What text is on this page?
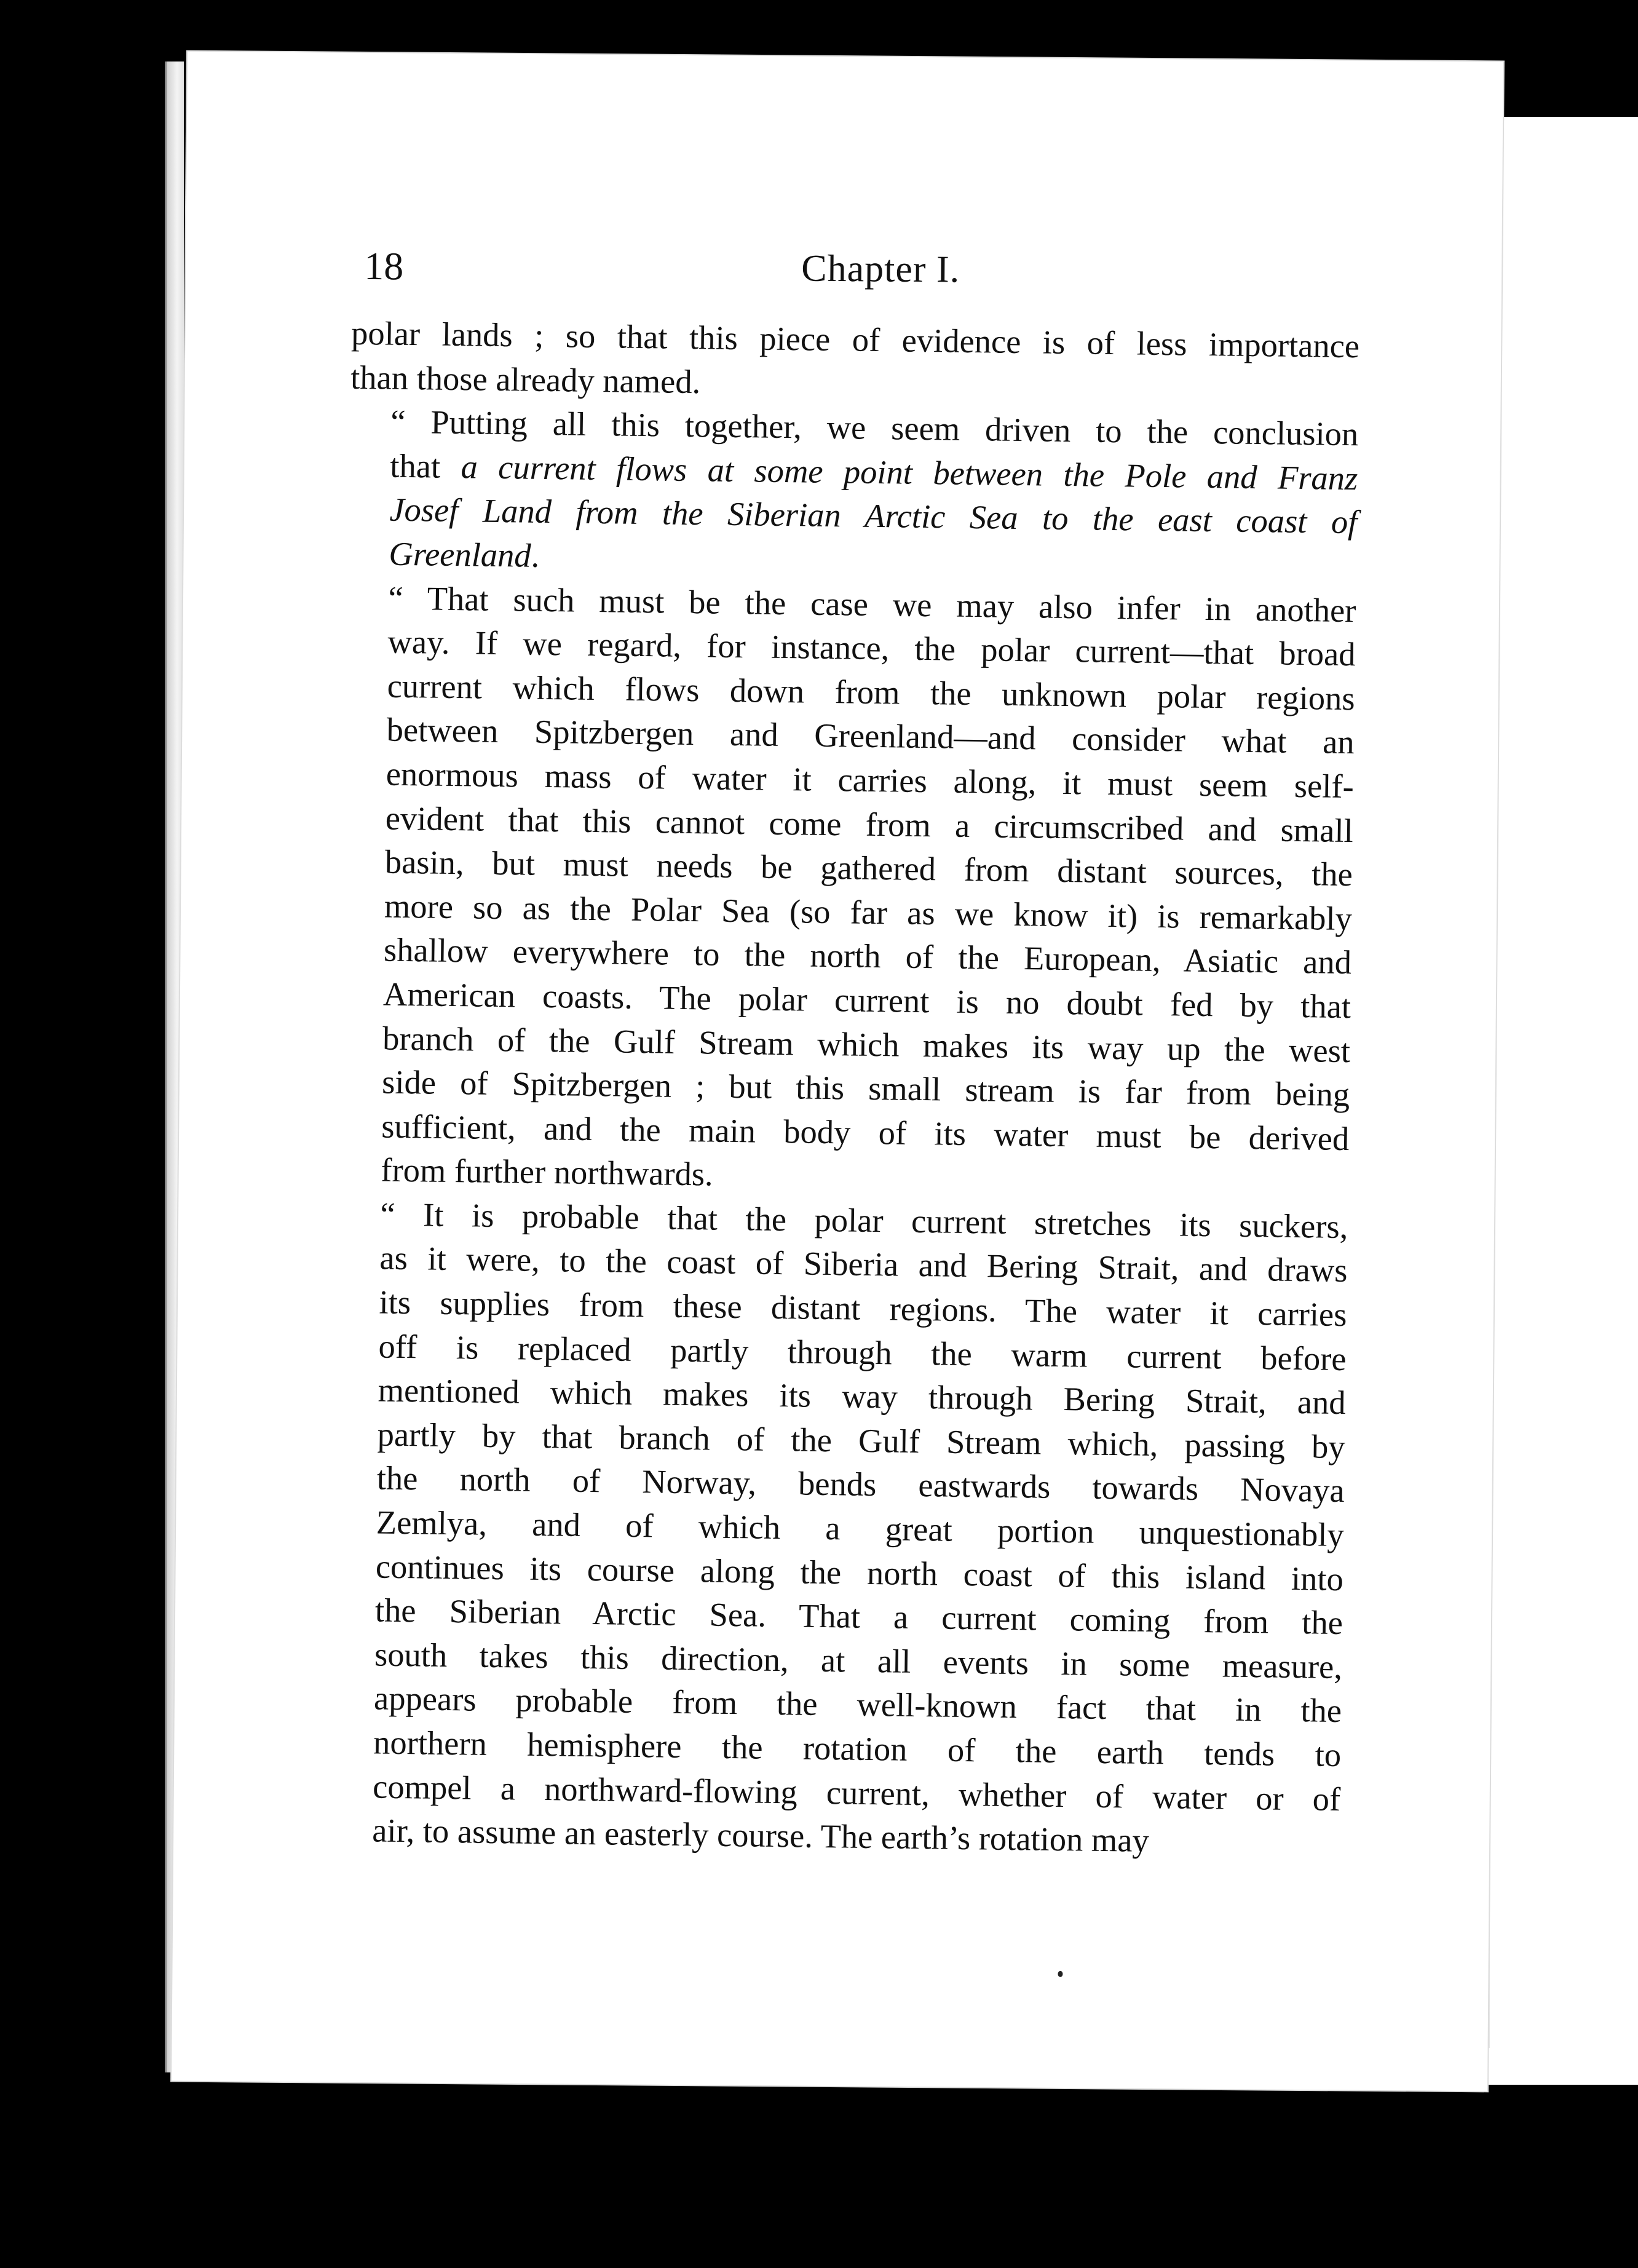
18	Chapter I.

polar lands ; so that this piece of evidence is of less importance
than those already named.

“ Putting all this together, we seem driven to the conclusion
that a current flows at some point between the Pole and Franz
Josef Land from the Siberian Arctic Sea to the east coast of
Greenland.

“ That such must be the case we may also infer in another
way. If we regard, for instance, the polar current—that broad
current which flows down from the unknown polar regions
between Spitzbergen and Greenland—and consider what an
enormous mass of water it carries along, it must seem self-
evident that this cannot come from a circumscribed and small
basin, but must needs be gathered from distant sources, the
more so as the Polar Sea (so far as we know it) is remarkably
shallow everywhere to the north of the European, Asiatic and
American coasts. The polar current is no doubt fed by that
branch of the Gulf Stream which makes its way up the west
side of Spitzbergen ; but this small stream is far from being
sufficient, and the main body of its water must be derived
from further northwards.

“ It is probable that the polar current stretches its suckers,
as it were, to the coast of Siberia and Bering Strait, and draws
its supplies from these distant regions. The water it carries
off is replaced partly through the warm current before
mentioned which makes its way through Bering Strait, and
partly by that branch of the Gulf Stream which, passing by
the north of Norway, bends eastwards towards Novaya
Zemlya, and of which a great portion unquestionably
continues its course along the north coast of this island into
the Siberian Arctic Sea. That a current coming from the
south takes this direction, at all events in some measure,
appears probable from the well-known fact that in the
northern hemisphere the rotation of the earth tends to
compel a northward-flowing current, whether of water or of
air, to assume an easterly course. The earth’s rotation may
